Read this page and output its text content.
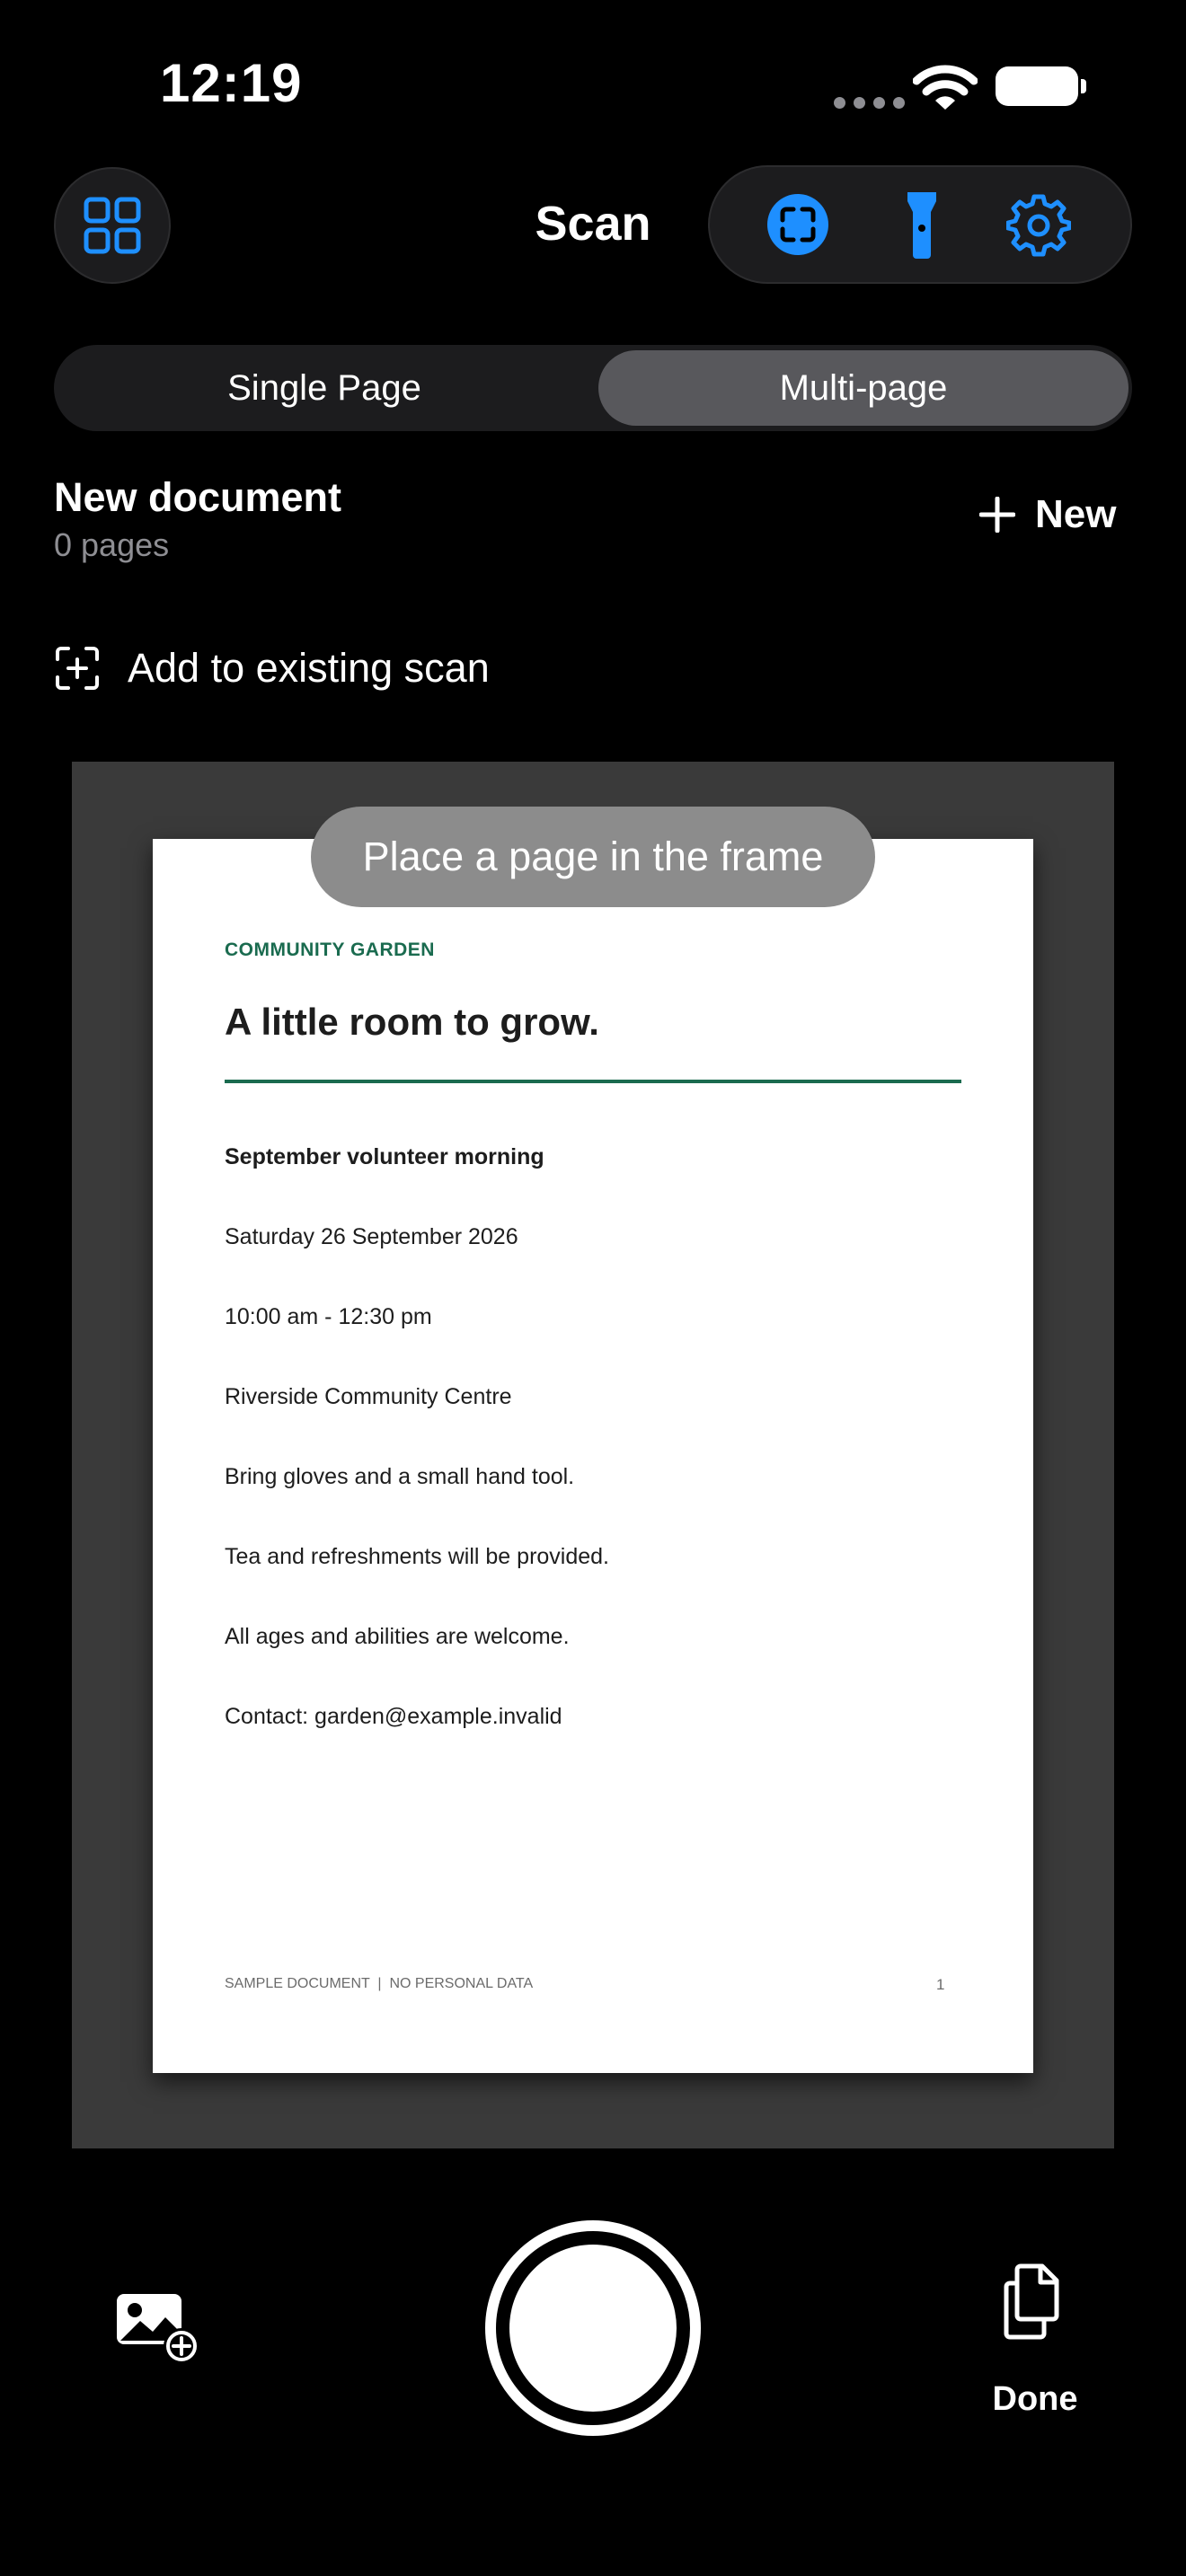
12:19
Scan
Single Page	Multi-page
New document
0 pages
New
Add to existing scan
COMMUNITY GARDEN
A little room to grow.
September volunteer morning
Saturday 26 September 2026
10:00 am - 12:30 pm
Riverside Community Centre
Bring gloves and a small hand tool.
Tea and refreshments will be provided.
All ages and abilities are welcome.
Contact: garden@example.invalid
SAMPLE DOCUMENT  |  NO PERSONAL DATA	1
Place a page in the frame
Done
